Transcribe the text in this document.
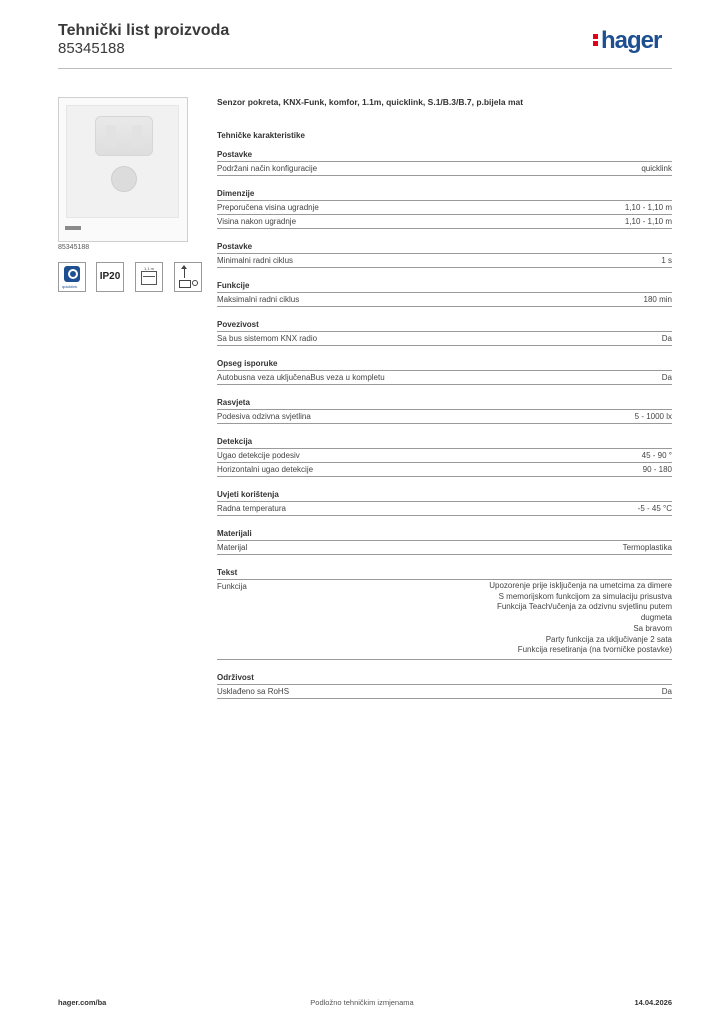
Tehnički list proizvoda
85345188	hager
85345188
quicklink
IP20
1,1 m
Senzor pokreta, KNX-Funk, komfor, 1.1m, quicklink, S.1/B.3/B.7, p.bijela mat
Tehničke karakteristike
Postavke
Podržani način konfiguracije	quicklink
Dimenzije
Preporučena visina ugradnje	1,10 - 1,10 m
Visina nakon ugradnje	1,10 - 1,10 m
Postavke
Minimalni radni ciklus	1 s
Funkcije
Maksimalni radni ciklus	180 min
Povezivost
Sa bus sistemom KNX radio	Da
Opseg isporuke
Autobusna veza uključenaBus veza u kompletu	Da
Rasvjeta
Podesiva odzivna svjetlina	5 - 1000 lx
Detekcija
Ugao detekcije podesiv	45 - 90 °
Horizontalni ugao detekcije	90 - 180
Uvjeti korištenja
Radna temperatura	-5 - 45 °C
Materijali
Materijal	Termoplastika
Tekst
Funkcija	Upozorenje prije isključenja na umetcima za dimere
S memorijskom funkcijom za simulaciju prisustva
Funkcija Teach/učenja za odzivnu svjetlinu putem
dugmeta
Sa bravom
Party funkcija za uključivanje 2 sata
Funkcija resetiranja (na tvorničke postavke)
Održivost
Usklađeno sa RoHS	Da
hager.com/ba	Podložno tehničkim izmjenama	14.04.2026
